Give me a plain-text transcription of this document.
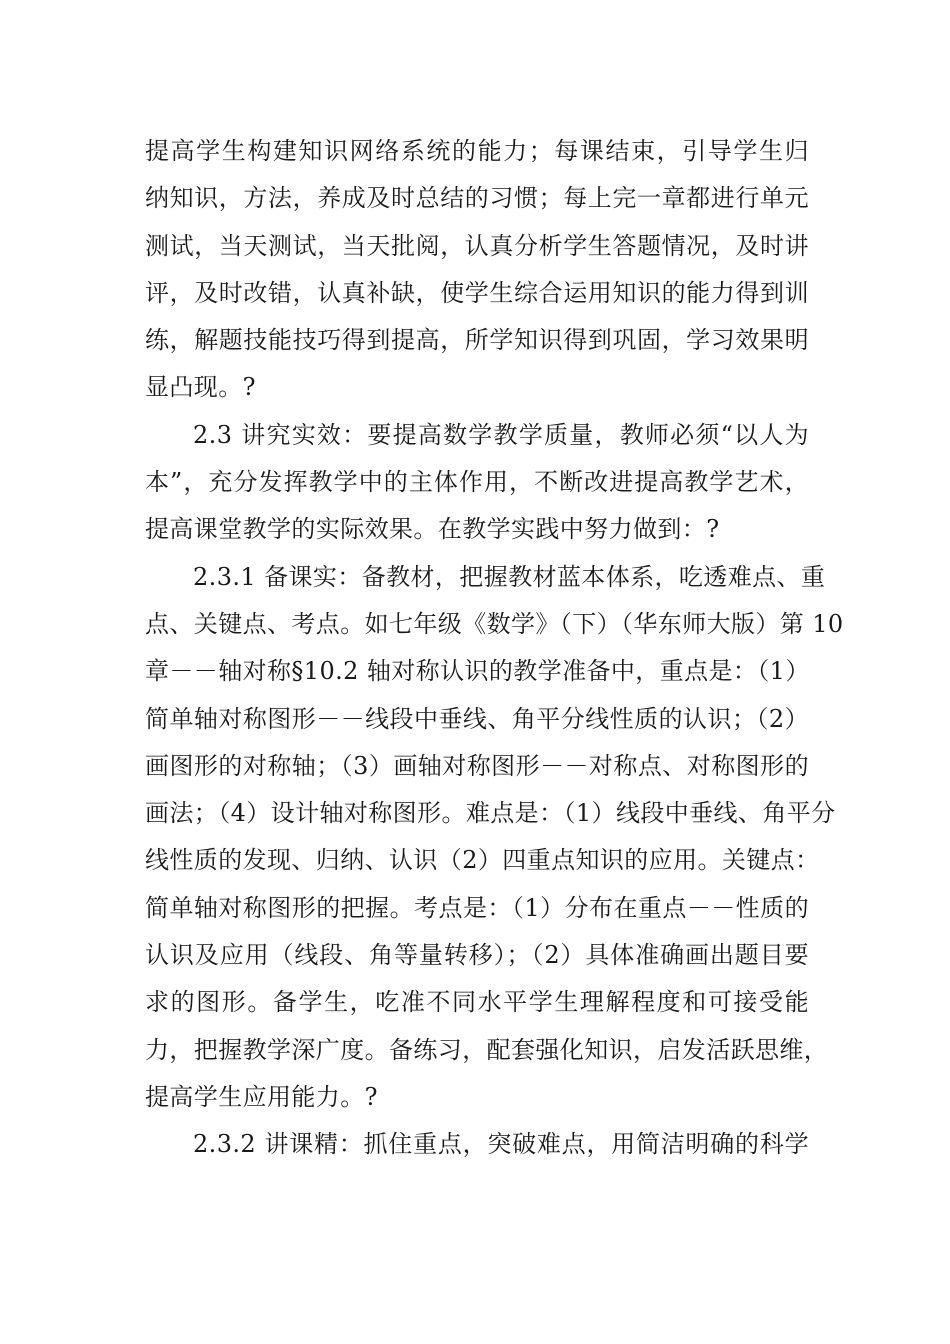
提高学生构建知识网络系统的能力；每课结束，引导学生归
纳知识，方法，养成及时总结的习惯；每上完一章都进行单元
测试，当天测试，当天批阅，认真分析学生答题情况，及时讲
评，及时改错，认真补缺，使学生综合运用知识的能力得到训
练，解题技能技巧得到提高，所学知识得到巩固，学习效果明
显凸现。?
2.3 讲究实效：要提高数学教学质量，教师必须“以人为
本”，充分发挥教学中的主体作用，不断改进提高教学艺术，
提高课堂教学的实际效果。在教学实践中努力做到：?
2.3.1 备课实：备教材，把握教材蓝本体系，吃透难点、重
点、关键点、考点。如七年级《数学》（下）（华东师大版）第 10
章－－轴对称§10.2 轴对称认识的教学准备中，重点是：（1）
简单轴对称图形－－线段中垂线、角平分线性质的认识；（2）
画图形的对称轴；（3）画轴对称图形－－对称点、对称图形的
画法；（4）设计轴对称图形。难点是：（1）线段中垂线、角平分
线性质的发现、归纳、认识（2）四重点知识的应用。关键点：
简单轴对称图形的把握。考点是：（1）分布在重点－－性质的
认识及应用（线段、角等量转移）；（2）具体准确画出题目要
求的图形。备学生，吃准不同水平学生理解程度和可接受能
力，把握教学深广度。备练习，配套强化知识，启发活跃思维，
提高学生应用能力。?
2.3.2 讲课精：抓住重点，突破难点，用简洁明确的科学
